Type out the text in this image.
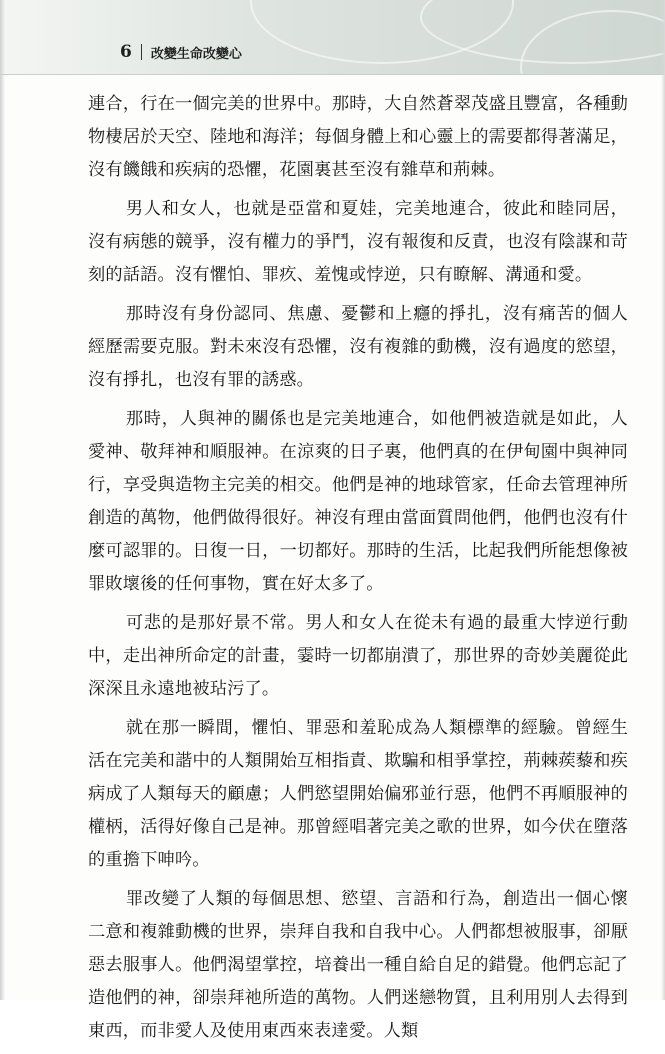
6 改變生命改變心

連合，行在一個完美的世界中。那時，大自然蒼翠茂盛且豐富，各種動物棲居於天空、陸地和海洋；每個身體上和心靈上的需要都得著滿足，沒有饑餓和疾病的恐懼，花園裏甚至沒有雜草和荊棘。

男人和女人，也就是亞當和夏娃，完美地連合，彼此和睦同居，沒有病態的競爭，沒有權力的爭鬥，沒有報復和反責，也沒有陰謀和苛刻的話語。沒有懼怕、罪疚、羞愧或悖逆，只有瞭解、溝通和愛。

那時沒有身份認同、焦慮、憂鬱和上癮的掙扎，沒有痛苦的個人經歷需要克服。對未來沒有恐懼，沒有複雜的動機，沒有過度的慾望，沒有掙扎，也沒有罪的誘惑。

那時，人與神的關係也是完美地連合，如他們被造就是如此，人愛神、敬拜神和順服神。在涼爽的日子裏，他們真的在伊甸園中與神同行，享受與造物主完美的相交。他們是神的地球管家，任命去管理神所創造的萬物，他們做得很好。神沒有理由當面質問他們，他們也沒有什麼可認罪的。日復一日，一切都好。那時的生活，比起我們所能想像被罪敗壞後的任何事物，實在好太多了。

可悲的是那好景不常。男人和女人在從未有過的最重大悖逆行動中，走出神所命定的計畫，霎時一切都崩潰了，那世界的奇妙美麗從此深深且永遠地被玷污了。

就在那一瞬間，懼怕、罪惡和羞恥成為人類標準的經驗。曾經生活在完美和諧中的人類開始互相指責、欺騙和相爭掌控，荊棘蒺藜和疾病成了人類每天的顧慮；人們慾望開始偏邪並行惡，他們不再順服神的權柄，活得好像自己是神。那曾經唱著完美之歌的世界，如今伏在墮落的重擔下呻吟。

罪改變了人類的每個思想、慾望、言語和行為，創造出一個心懷二意和複雜動機的世界，崇拜自我和自我中心。人們都想被服事，卻厭惡去服事人。他們渴望掌控，培養出一種自給自足的錯覺。他們忘記了造他們的神，卻崇拜祂所造的萬物。人們迷戀物質，且利用別人去得到東西，而非愛人及使用東西來表達愛。人類
